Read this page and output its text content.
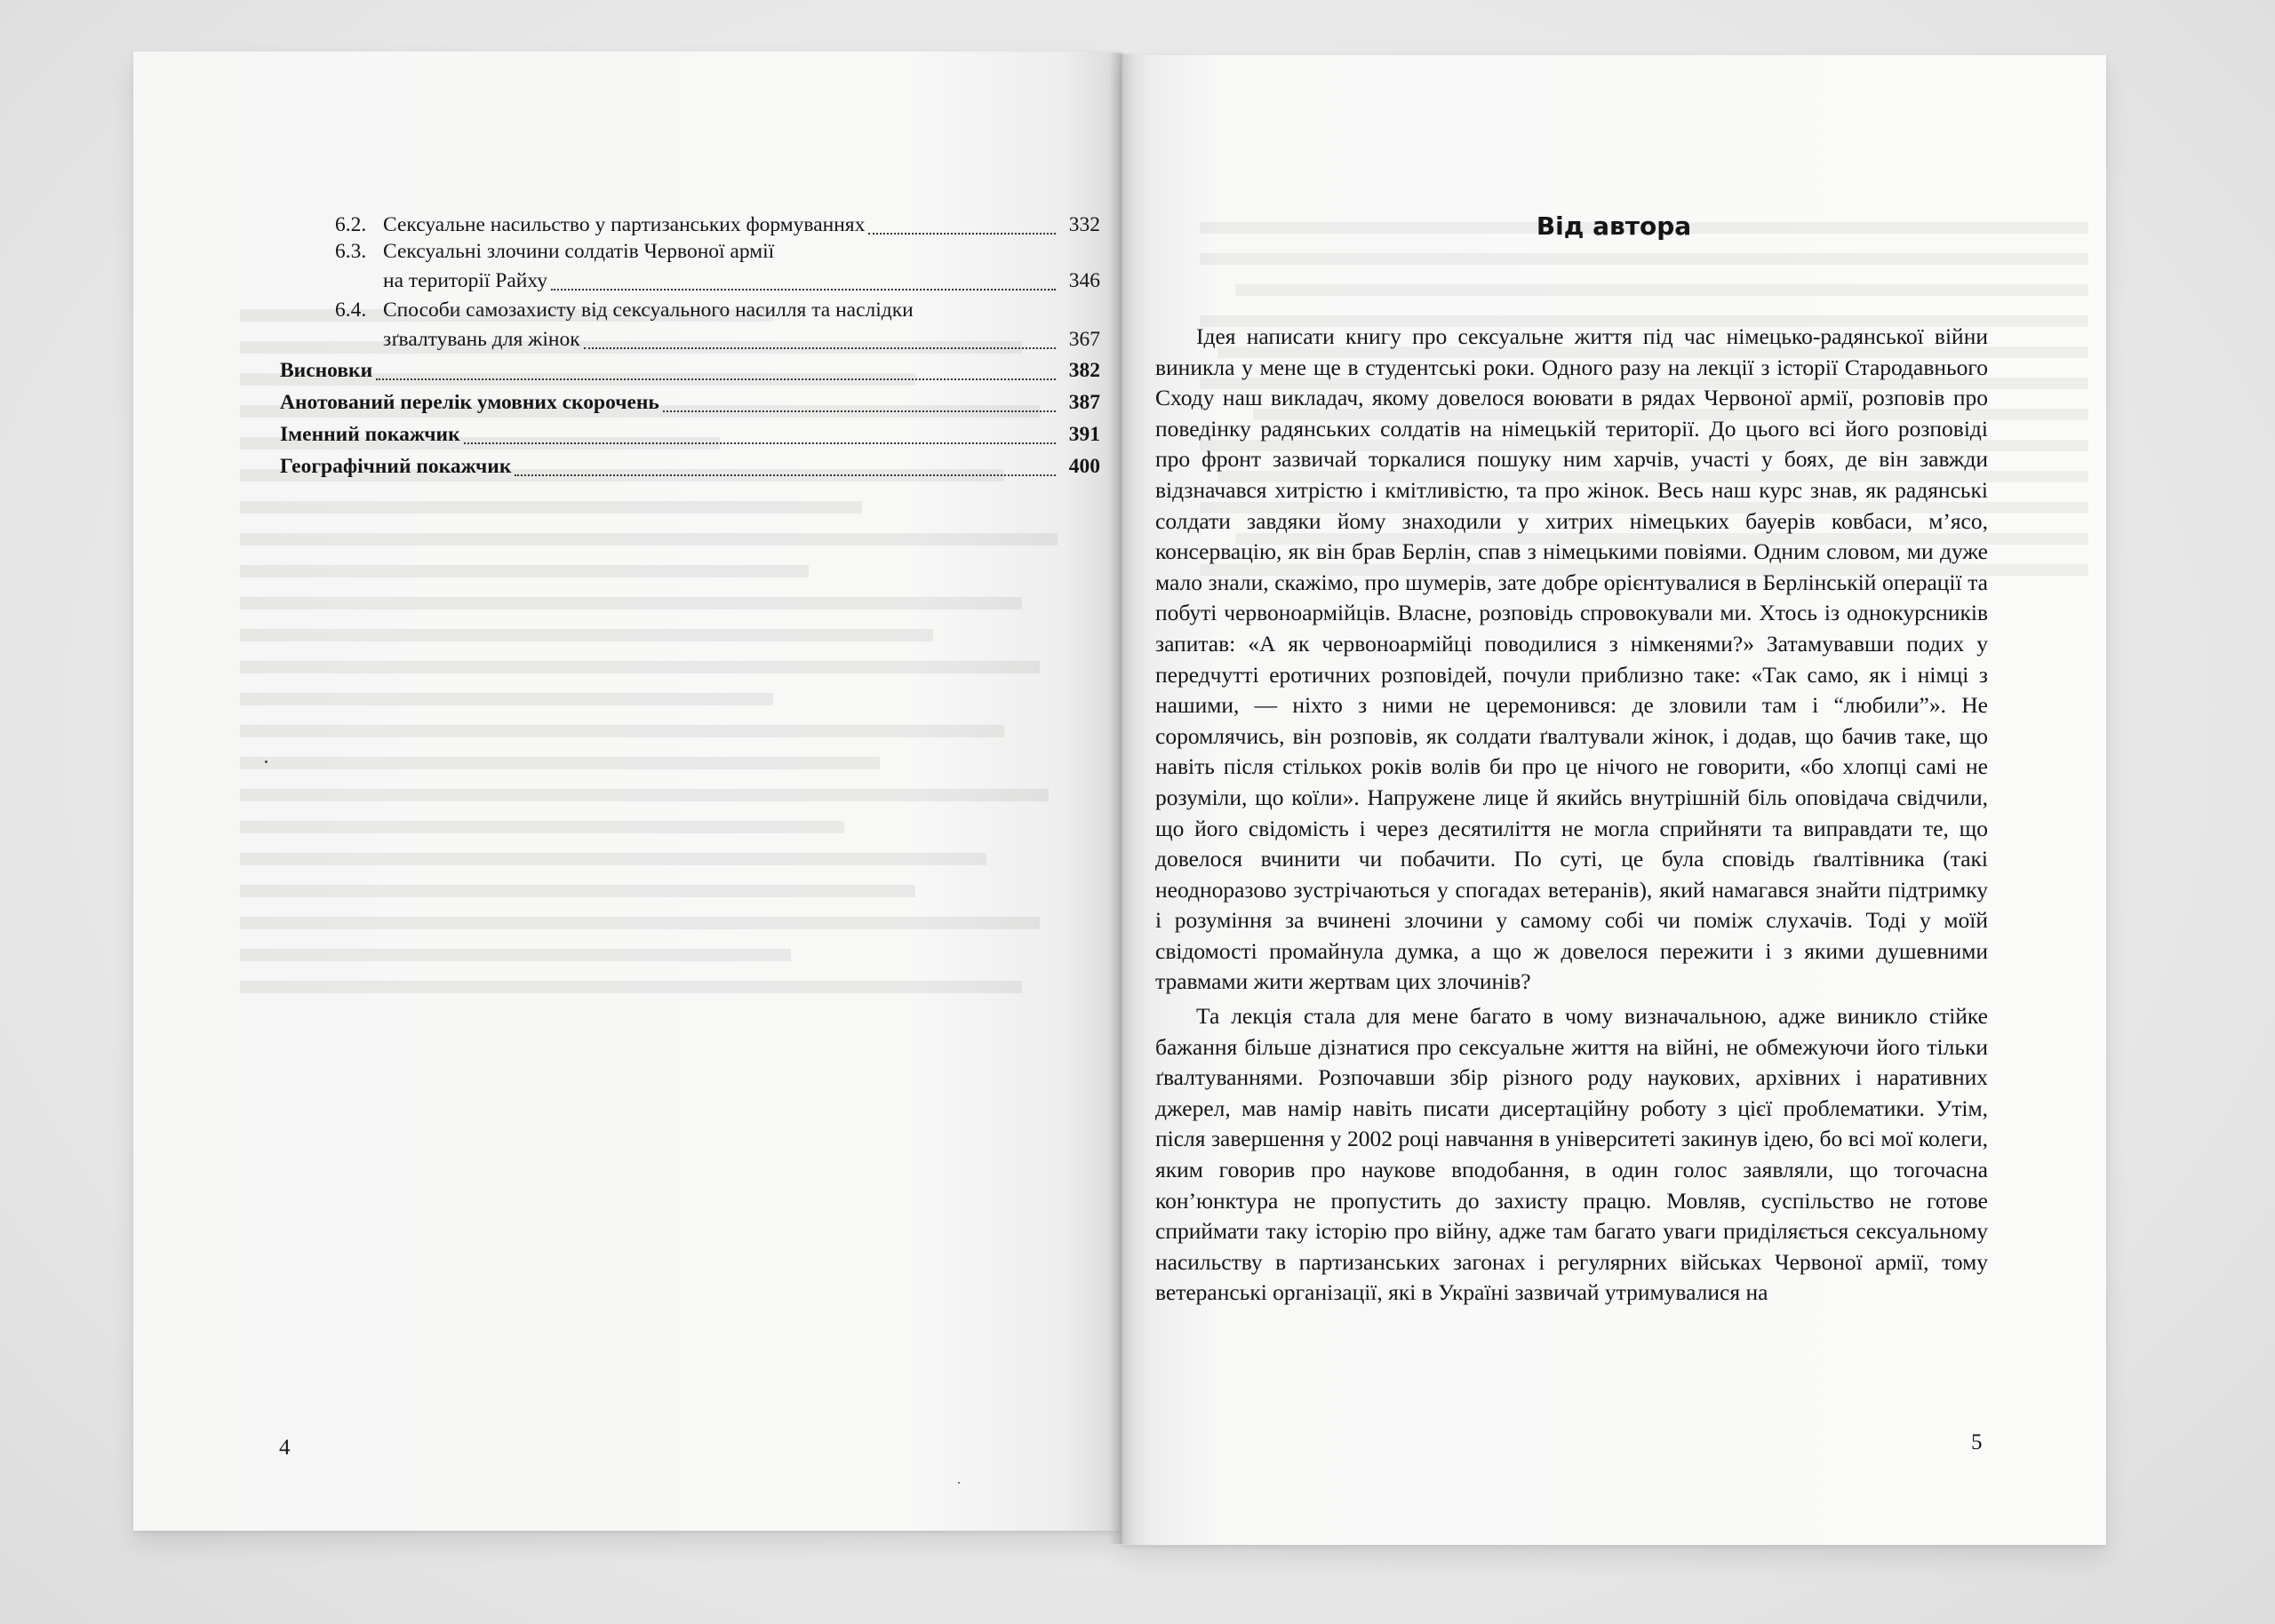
6.2. Сексуальне насильство у партизанських формуваннях	332
6.3. Сексуальні злочини солдатів Червоної армії
на території Райху	346
6.4. Способи самозахисту від сексуального насилля та наслідки
зґвалтувань для жінок	367
Висновки	382
Анотований перелік умовних скорочень	387
Іменний покажчик	391
Географічний покажчик	400
4
Від автора

Ідея написати книгу про сексуальне життя під час німецько-радянської війни виникла у мене ще в студентські роки. Одного разу на лекції з історії Стародавнього Сходу наш викладач, якому довелося воювати в рядах Червоної армії, розповів про поведінку радянських солдатів на німецькій території. До цього всі його розповіді про фронт зазвичай торкалися пошуку ним харчів, участі у боях, де він завжди відзначався хитрістю і кмітливістю, та про жінок. Весь наш курс знав, як радянські солдати завдяки йому знаходили у хитрих німецьких бауерів ковбаси, м’ясо, консервацію, як він брав Берлін, спав з німецькими повіями. Одним словом, ми дуже мало знали, скажімо, про шумерів, зате добре орієнтувалися в Берлінській операції та побуті червоноармійців. Власне, розповідь спровокували ми. Хтось із однокурсників запитав: «А як червоноармійці поводилися з німкенями?» Затамувавши подих у передчутті еротичних розповідей, почули приблизно таке: «Так само, як і німці з нашими, — ніхто з ними не церемонився: де зловили там і “любили”». Не соромлячись, він розповів, як солдати ґвалтували жінок, і додав, що бачив таке, що навіть після стількох років волів би про це нічого не говорити, «бо хлопці самі не розуміли, що коїли». Напружене лице й якийсь внутрішній біль оповідача свідчили, що його свідомість і через десятиліття не могла сприйняти та виправдати те, що довелося вчинити чи побачити. По суті, це була сповідь ґвалтівника (такі неодноразово зустрічаються у спогадах ветеранів), який намагався знайти підтримку і розуміння за вчинені злочини у самому собі чи поміж слухачів. Тоді у моїй свідомості промайнула думка, а що ж довелося пережити і з якими душевними травмами жити жертвам цих злочинів?

Та лекція стала для мене багато в чому визначальною, адже виникло стійке бажання більше дізнатися про сексуальне життя на війні, не обмежуючи його тільки ґвалтуваннями. Розпочавши збір різного роду наукових, архівних і наративних джерел, мав намір навіть писати дисертаційну роботу з цієї проблематики. Утім, після завершення у 2002 році навчання в університеті закинув ідею, бо всі мої колеги, яким говорив про наукове вподобання, в один голос заявляли, що тогочасна кон’юнктура не пропустить до захисту працю. Мовляв, суспільство не готове сприймати таку історію про війну, адже там багато уваги приділяється сексуальному насильству в партизанських загонах і регулярних військах Червоної армії, тому ветеранські організації, які в Україні зазвичай утримувалися на

5
